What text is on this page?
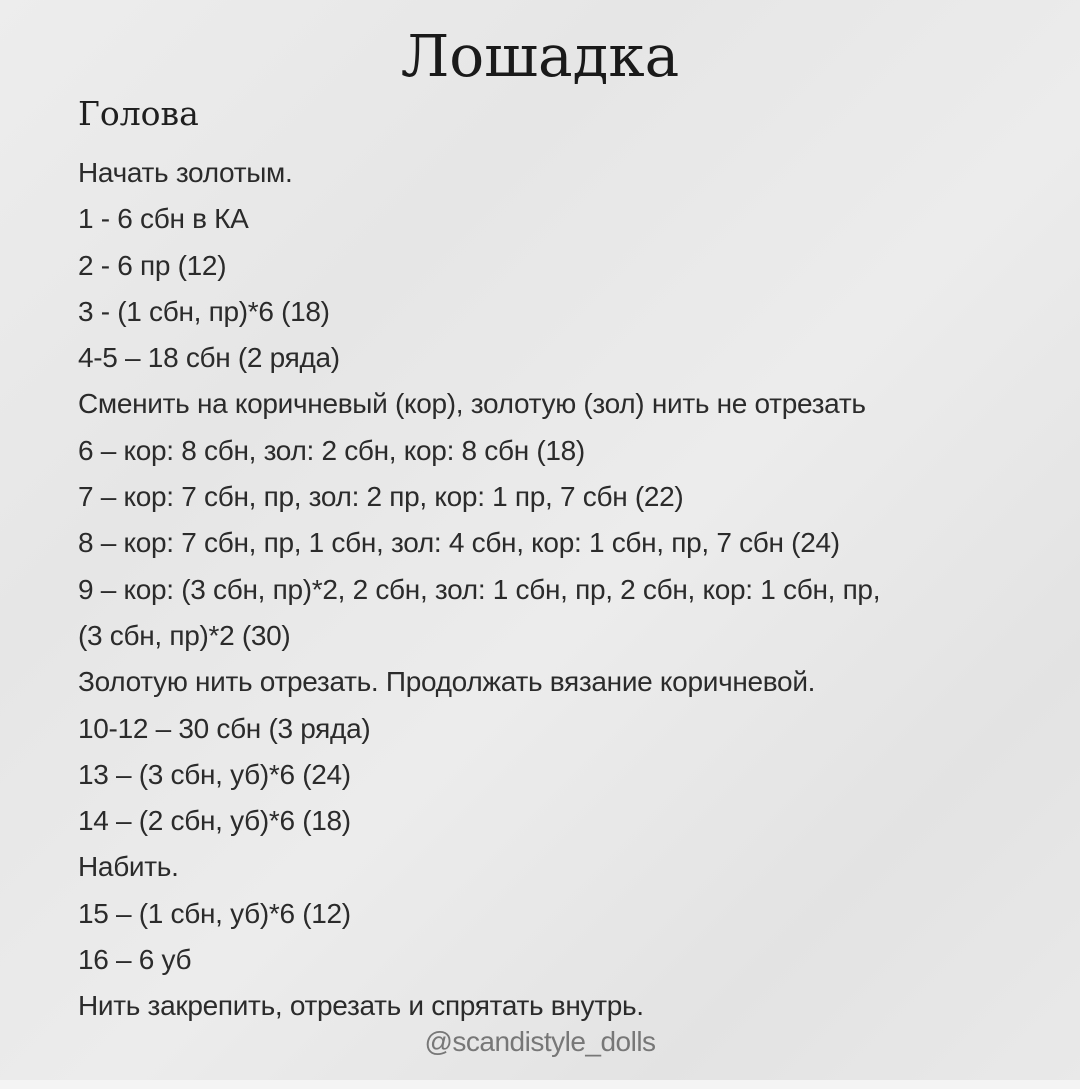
Лошадка
Голова
Начать золотым.
1 - 6 сбн в КА
2 - 6 пр (12)
3 - (1 сбн, пр)*6 (18)
4-5 – 18 сбн (2 ряда)
Сменить на коричневый (кор), золотую (зол) нить не отрезать
6 – кор: 8 сбн, зол: 2 сбн, кор: 8 сбн (18)
7 – кор: 7 сбн, пр, зол: 2 пр, кор: 1 пр, 7 сбн (22)
8 – кор: 7 сбн, пр, 1 сбн, зол: 4 сбн, кор: 1 сбн, пр, 7 сбн (24)
9 – кор: (3 сбн, пр)*2, 2 сбн, зол: 1 сбн, пр, 2 сбн, кор: 1 сбн, пр,
(3 сбн, пр)*2 (30)
Золотую нить отрезать. Продолжать вязание коричневой.
10-12 – 30 сбн (3 ряда)
13 – (3 сбн, уб)*6 (24)
14 – (2 сбн, уб)*6 (18)
Набить.
15 – (1 сбн, уб)*6 (12)
16 – 6 уб
Нить закрепить, отрезать и спрятать внутрь.
@scandistyle_dolls
